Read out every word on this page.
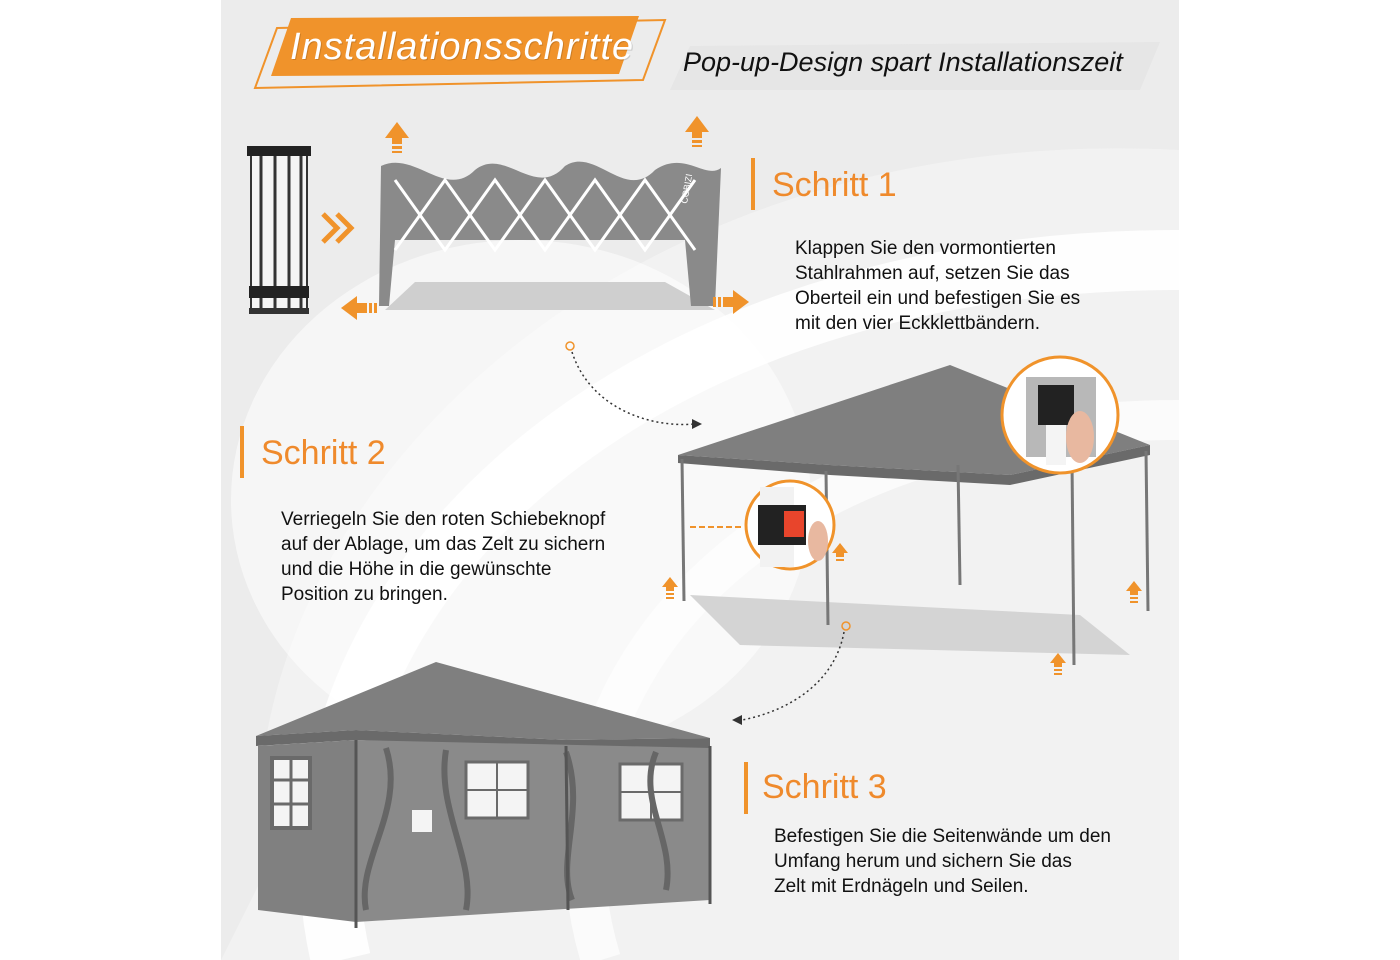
Installationsschritte Pop-up-Design spart Installationszeit
COBIZI Schritt 1

Klappen Sie den vormontierten

Stahlrahmen auf, setzen Sie das

Oberteil ein und befestigen Sie es

mit den vier Eckklettbändern.

Schritt 2

Verriegeln Sie den roten Schiebeknopf

auf der Ablage, um das Zelt zu sichern

und die Höhe in die gewünschte

Position zu bringen.

Schritt 3

Befestigen Sie die Seitenwände um den

Umfang herum und sichern Sie das

Zelt mit Erdnägeln und Seilen.
